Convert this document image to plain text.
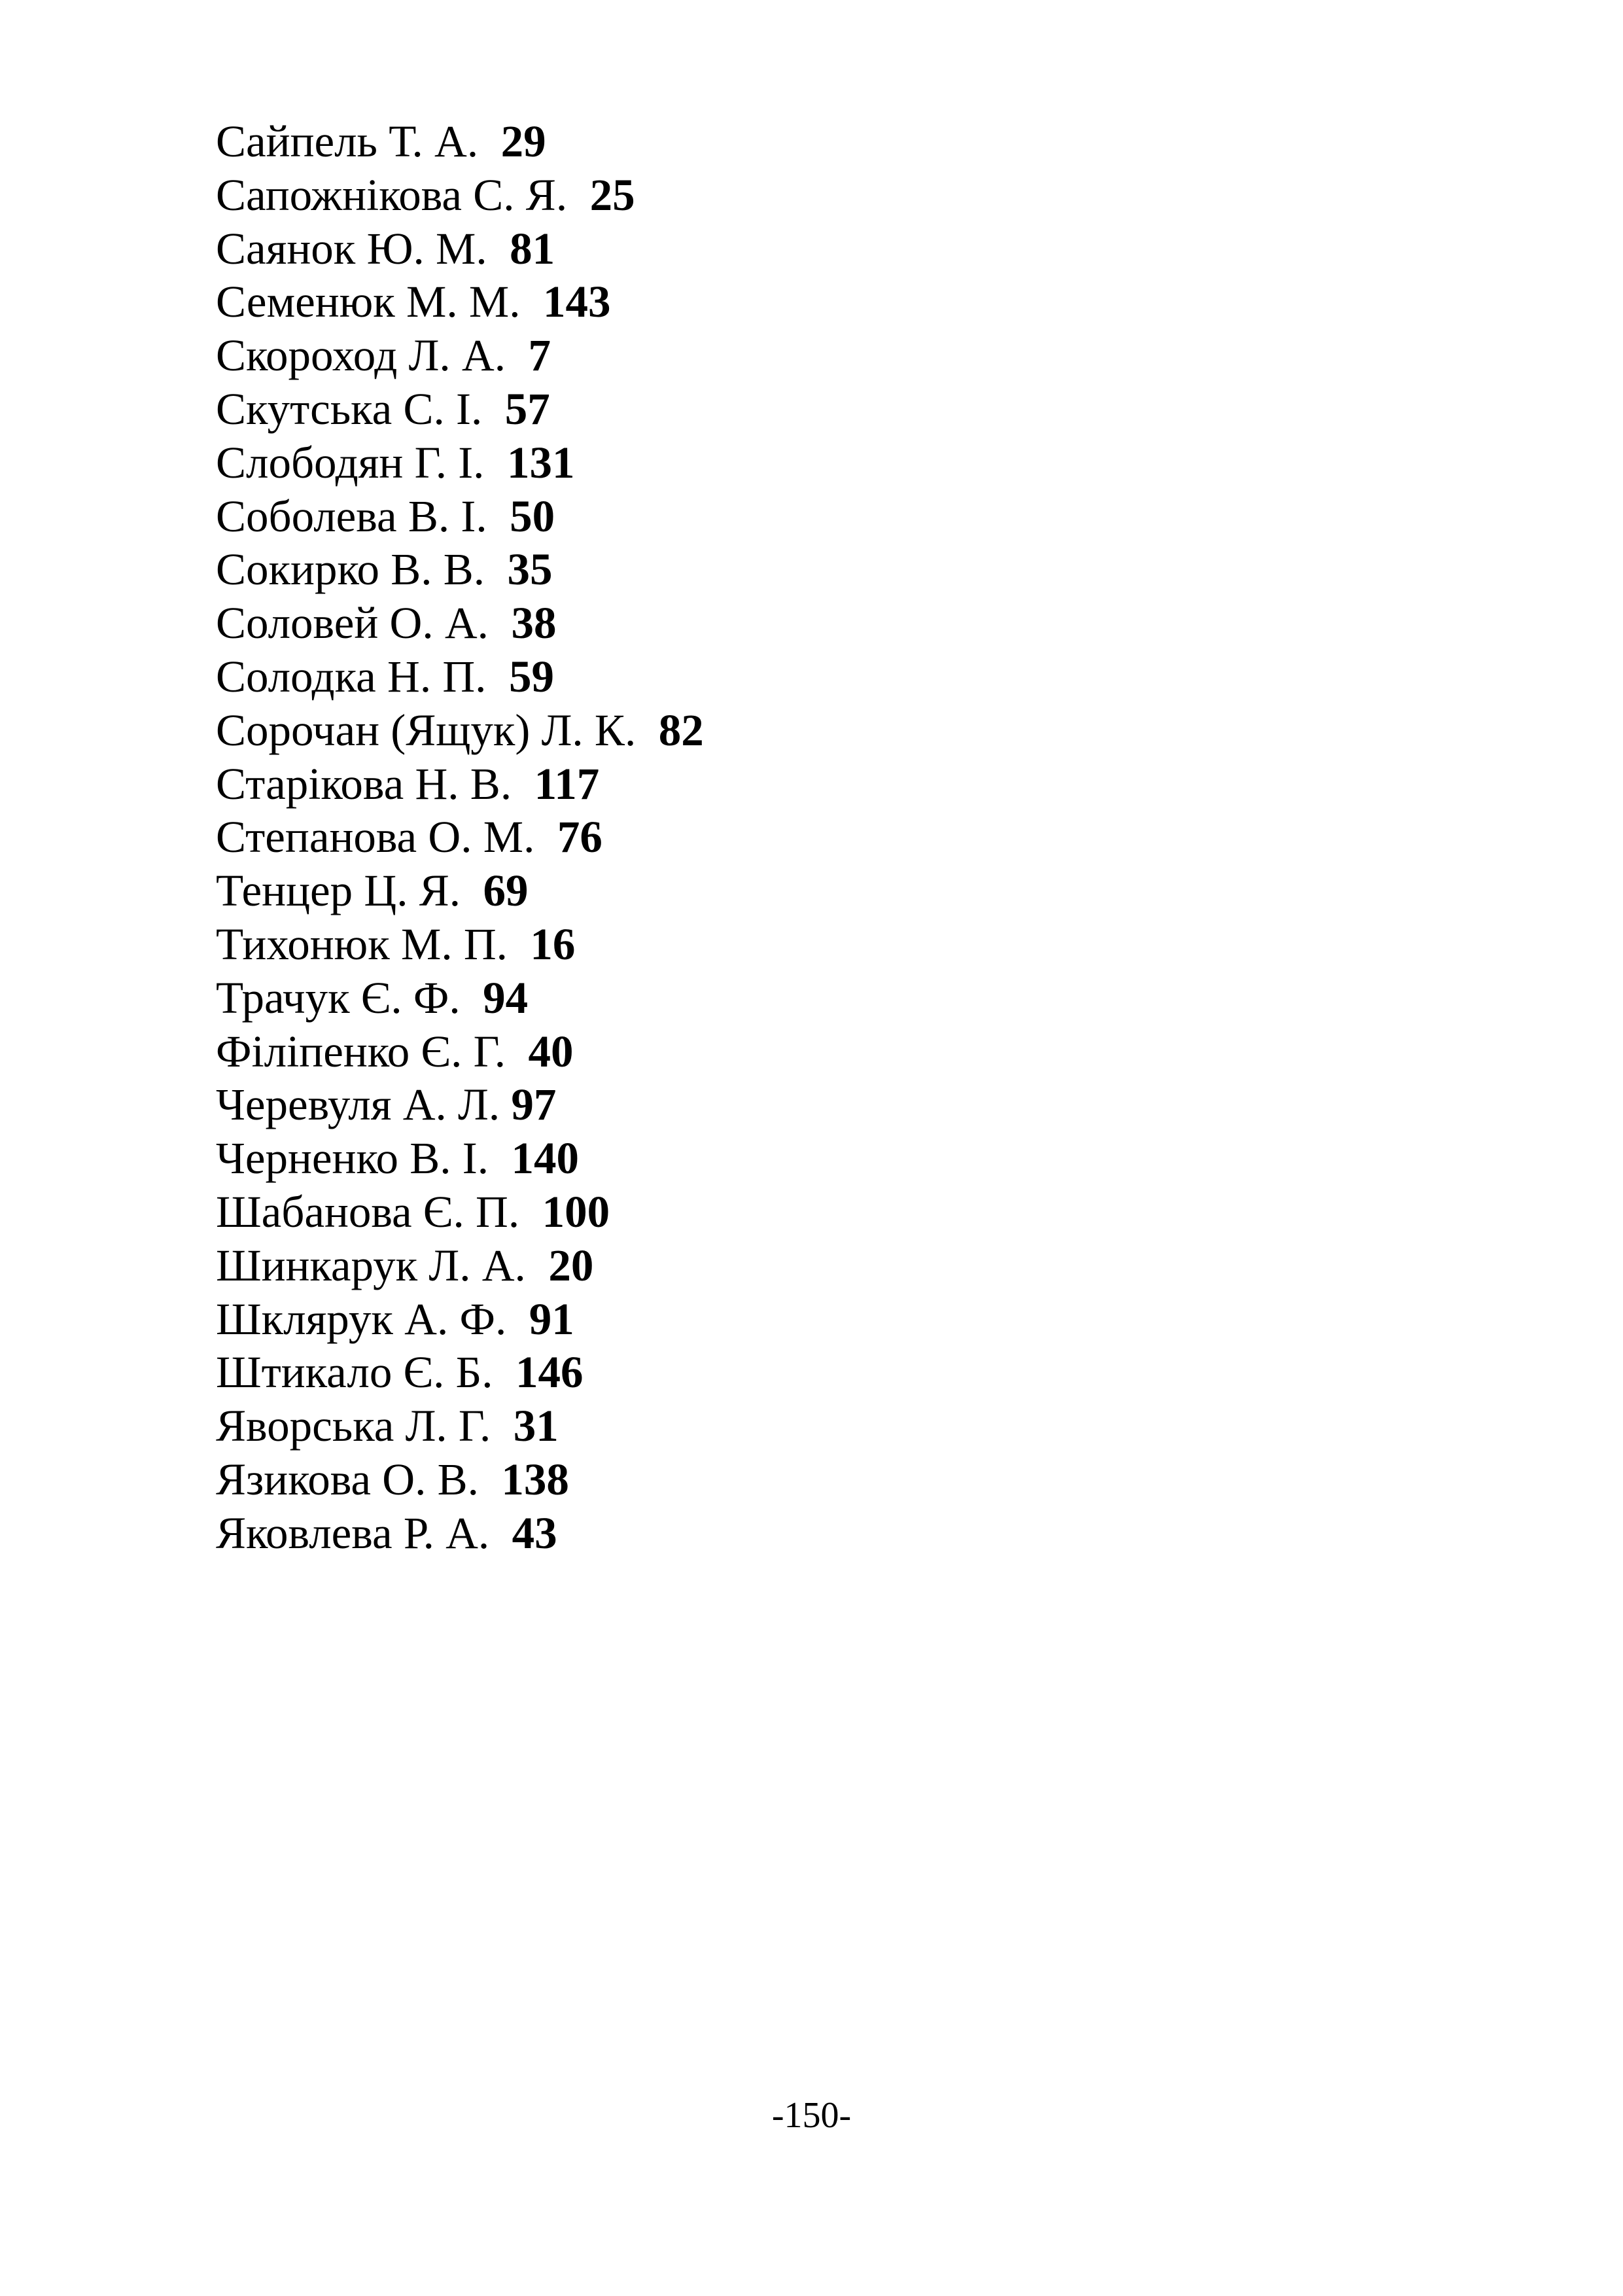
Сайпель Т. А. 29
Сапожнікова С. Я. 25
Саянок Ю. М. 81
Семенюк М. М. 143
Скороход Л. А. 7
Скутська С. І. 57
Слободян Г. І. 131
Соболева В. І. 50
Сокирко В. В. 35
Соловей О. А. 38
Солодка Н. П. 59
Сорочан (Ящук) Л. К. 82
Старікова Н. В. 117
Степанова О. М. 76
Тенцер Ц. Я. 69
Тихонюк М. П. 16
Трачук Є. Ф. 94
Філіпенко Є. Г. 40
Черевуля А. Л. 97
Черненко В. І. 140
Шабанова Є. П. 100
Шинкарук Л. А. 20
Шклярук А. Ф. 91
Штикало Є. Б. 146
Яворська Л. Г. 31
Язикова О. В. 138
Яковлева Р. А. 43
-150-
